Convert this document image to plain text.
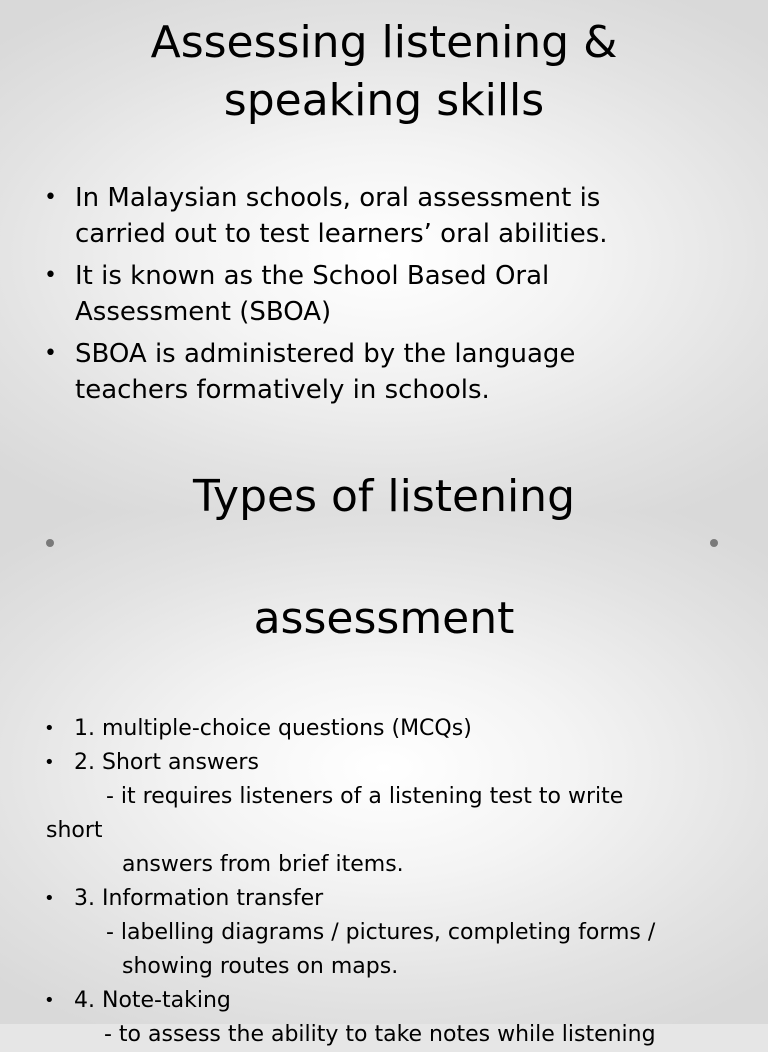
Assessing listening &
speaking skills
• In Malaysian schools, oral assessment is
carried out to test learners’ oral abilities.
• It is known as the School Based Oral
Assessment (SBOA)
• SBOA is administered by the language
teachers formatively in schools.
Types of listening
assessment
• 1. multiple-choice questions (MCQs)
• 2. Short answers
- it requires listeners of a listening test to write
short
answers from brief items.
• 3. Information transfer
- labelling diagrams / pictures, completing forms /
showing routes on maps.
• 4. Note-taking
- to assess the ability to take notes while listening
